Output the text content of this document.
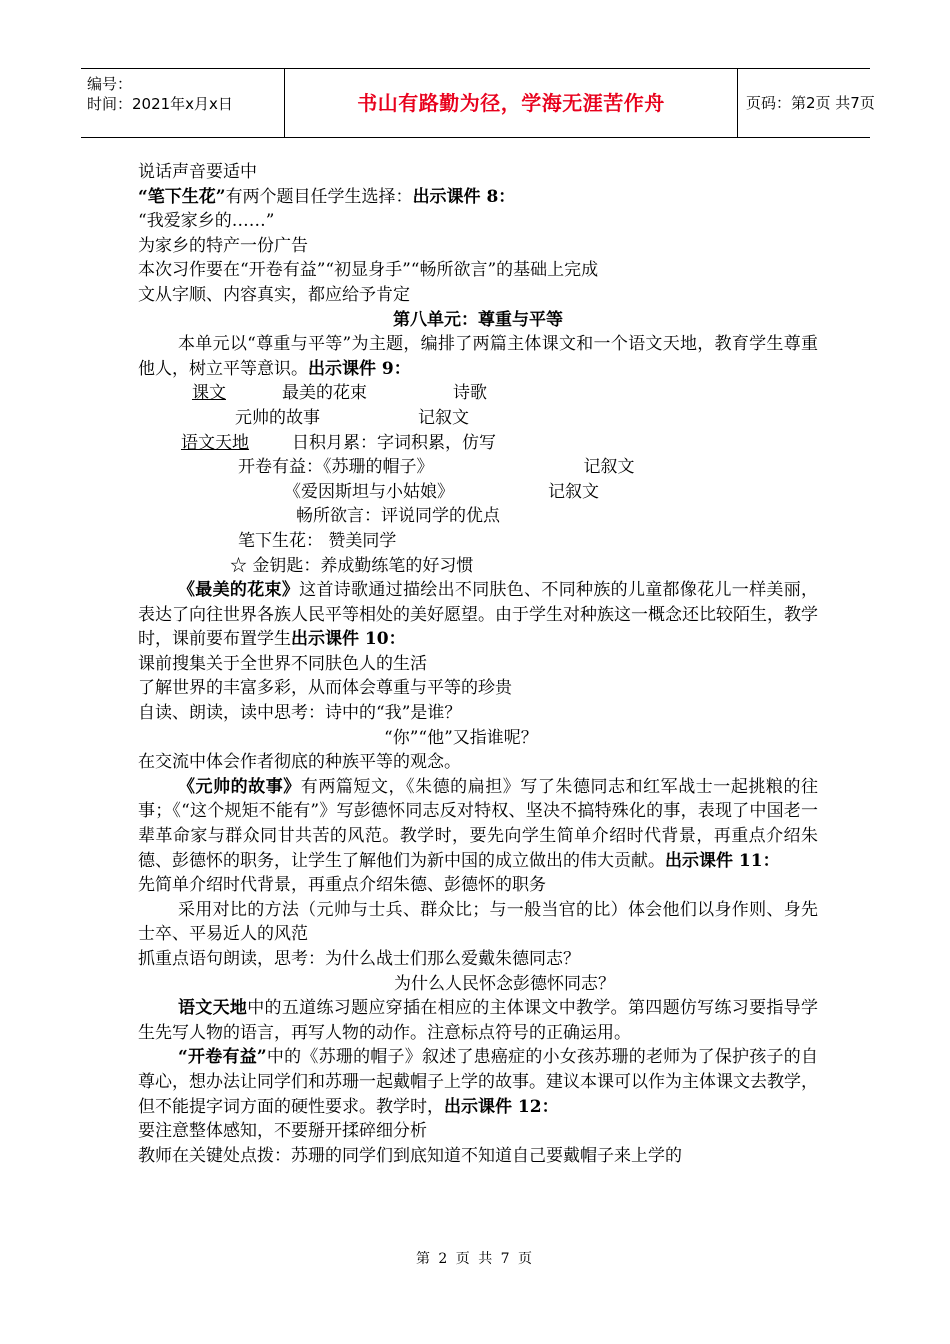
编号：
时间：2021年x月x日	书山有路勤为径，学海无涯苦作舟	页码：第2页 共7页

说话声音要适中

“笔下生花”有两个题目任学生选择：出示课件 8：

“我爱家乡的……”

为家乡的特产一份广告

本次习作要在“开卷有益”“初显身手”“畅所欲言”的基础上完成

文从字顺、内容真实，都应给予肯定

第八单元：尊重与平等

本单元以“尊重与平等”为主题，编排了两篇主体课文和一个语文天地，教育学生尊重他人，树立平等意识。出示课件 9：

课文	最美的花束	诗歌

元帅的故事	记叙文

语文天地	日积月累：字词积累，仿写

开卷有益：《苏珊的帽子》	记叙文

《爱因斯坦与小姑娘》	记叙文

畅所欲言：评说同学的优点

笔下生花： 赞美同学

☆ 金钥匙：养成勤练笔的好习惯

《最美的花束》这首诗歌通过描绘出不同肤色、不同种族的儿童都像花儿一样美丽，表达了向往世界各族人民平等相处的美好愿望。由于学生对种族这一概念还比较陌生，教学时，课前要布置学生出示课件 10：

课前搜集关于全世界不同肤色人的生活

了解世界的丰富多彩，从而体会尊重与平等的珍贵

自读、朗读，读中思考：诗中的“我”是谁？

“你”“他”又指谁呢？

在交流中体会作者彻底的种族平等的观念。

《元帅的故事》有两篇短文，《朱德的扁担》写了朱德同志和红军战士一起挑粮的往事；《“这个规矩不能有”》写彭德怀同志反对特权、坚决不搞特殊化的事，表现了中国老一辈革命家与群众同甘共苦的风范。教学时，要先向学生简单介绍时代背景，再重点介绍朱德、彭德怀的职务，让学生了解他们为新中国的成立做出的伟大贡献。出示课件 11：

先简单介绍时代背景，再重点介绍朱德、彭德怀的职务

采用对比的方法（元帅与士兵、群众比；与一般当官的比）体会他们以身作则、身先士卒、平易近人的风范

抓重点语句朗读，思考：为什么战士们那么爱戴朱德同志？

为什么人民怀念彭德怀同志？

语文天地中的五道练习题应穿插在相应的主体课文中教学。第四题仿写练习要指导学生先写人物的语言，再写人物的动作。注意标点符号的正确运用。

“开卷有益”中的《苏珊的帽子》叙述了患癌症的小女孩苏珊的老师为了保护孩子的自尊心，想办法让同学们和苏珊一起戴帽子上学的故事。建议本课可以作为主体课文去教学，但不能提字词方面的硬性要求。教学时，出示课件 12：

要注意整体感知，不要掰开揉碎细分析

教师在关键处点拨：苏珊的同学们到底知道不知道自己要戴帽子来上学的

第 2 页 共 7 页
